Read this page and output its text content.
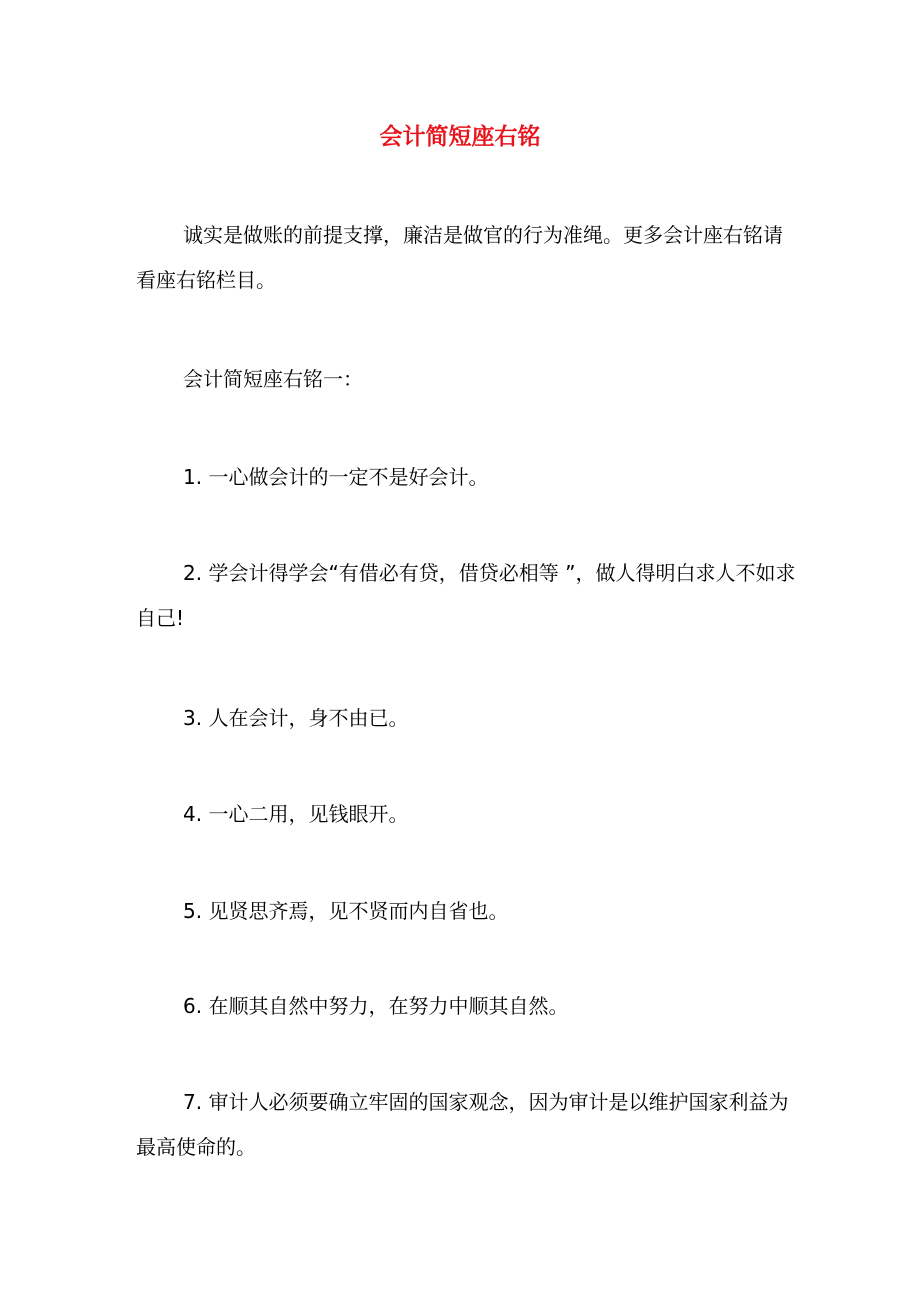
会计简短座右铭

诚实是做账的前提支撑，廉洁是做官的行为准绳。更多会计座右铭请看座右铭栏目。

会计简短座右铭一：

1. 一心做会计的一定不是好会计。

2. 学会计得学会“有借必有贷，借贷必相等 ”，做人得明白求人不如求自己!

3. 人在会计，身不由已。

4. 一心二用，见钱眼开。

5. 见贤思齐焉，见不贤而内自省也。

6. 在顺其自然中努力，在努力中顺其自然。

7. 审计人必须要确立牢固的国家观念，因为审计是以维护国家利益为最高使命的。
